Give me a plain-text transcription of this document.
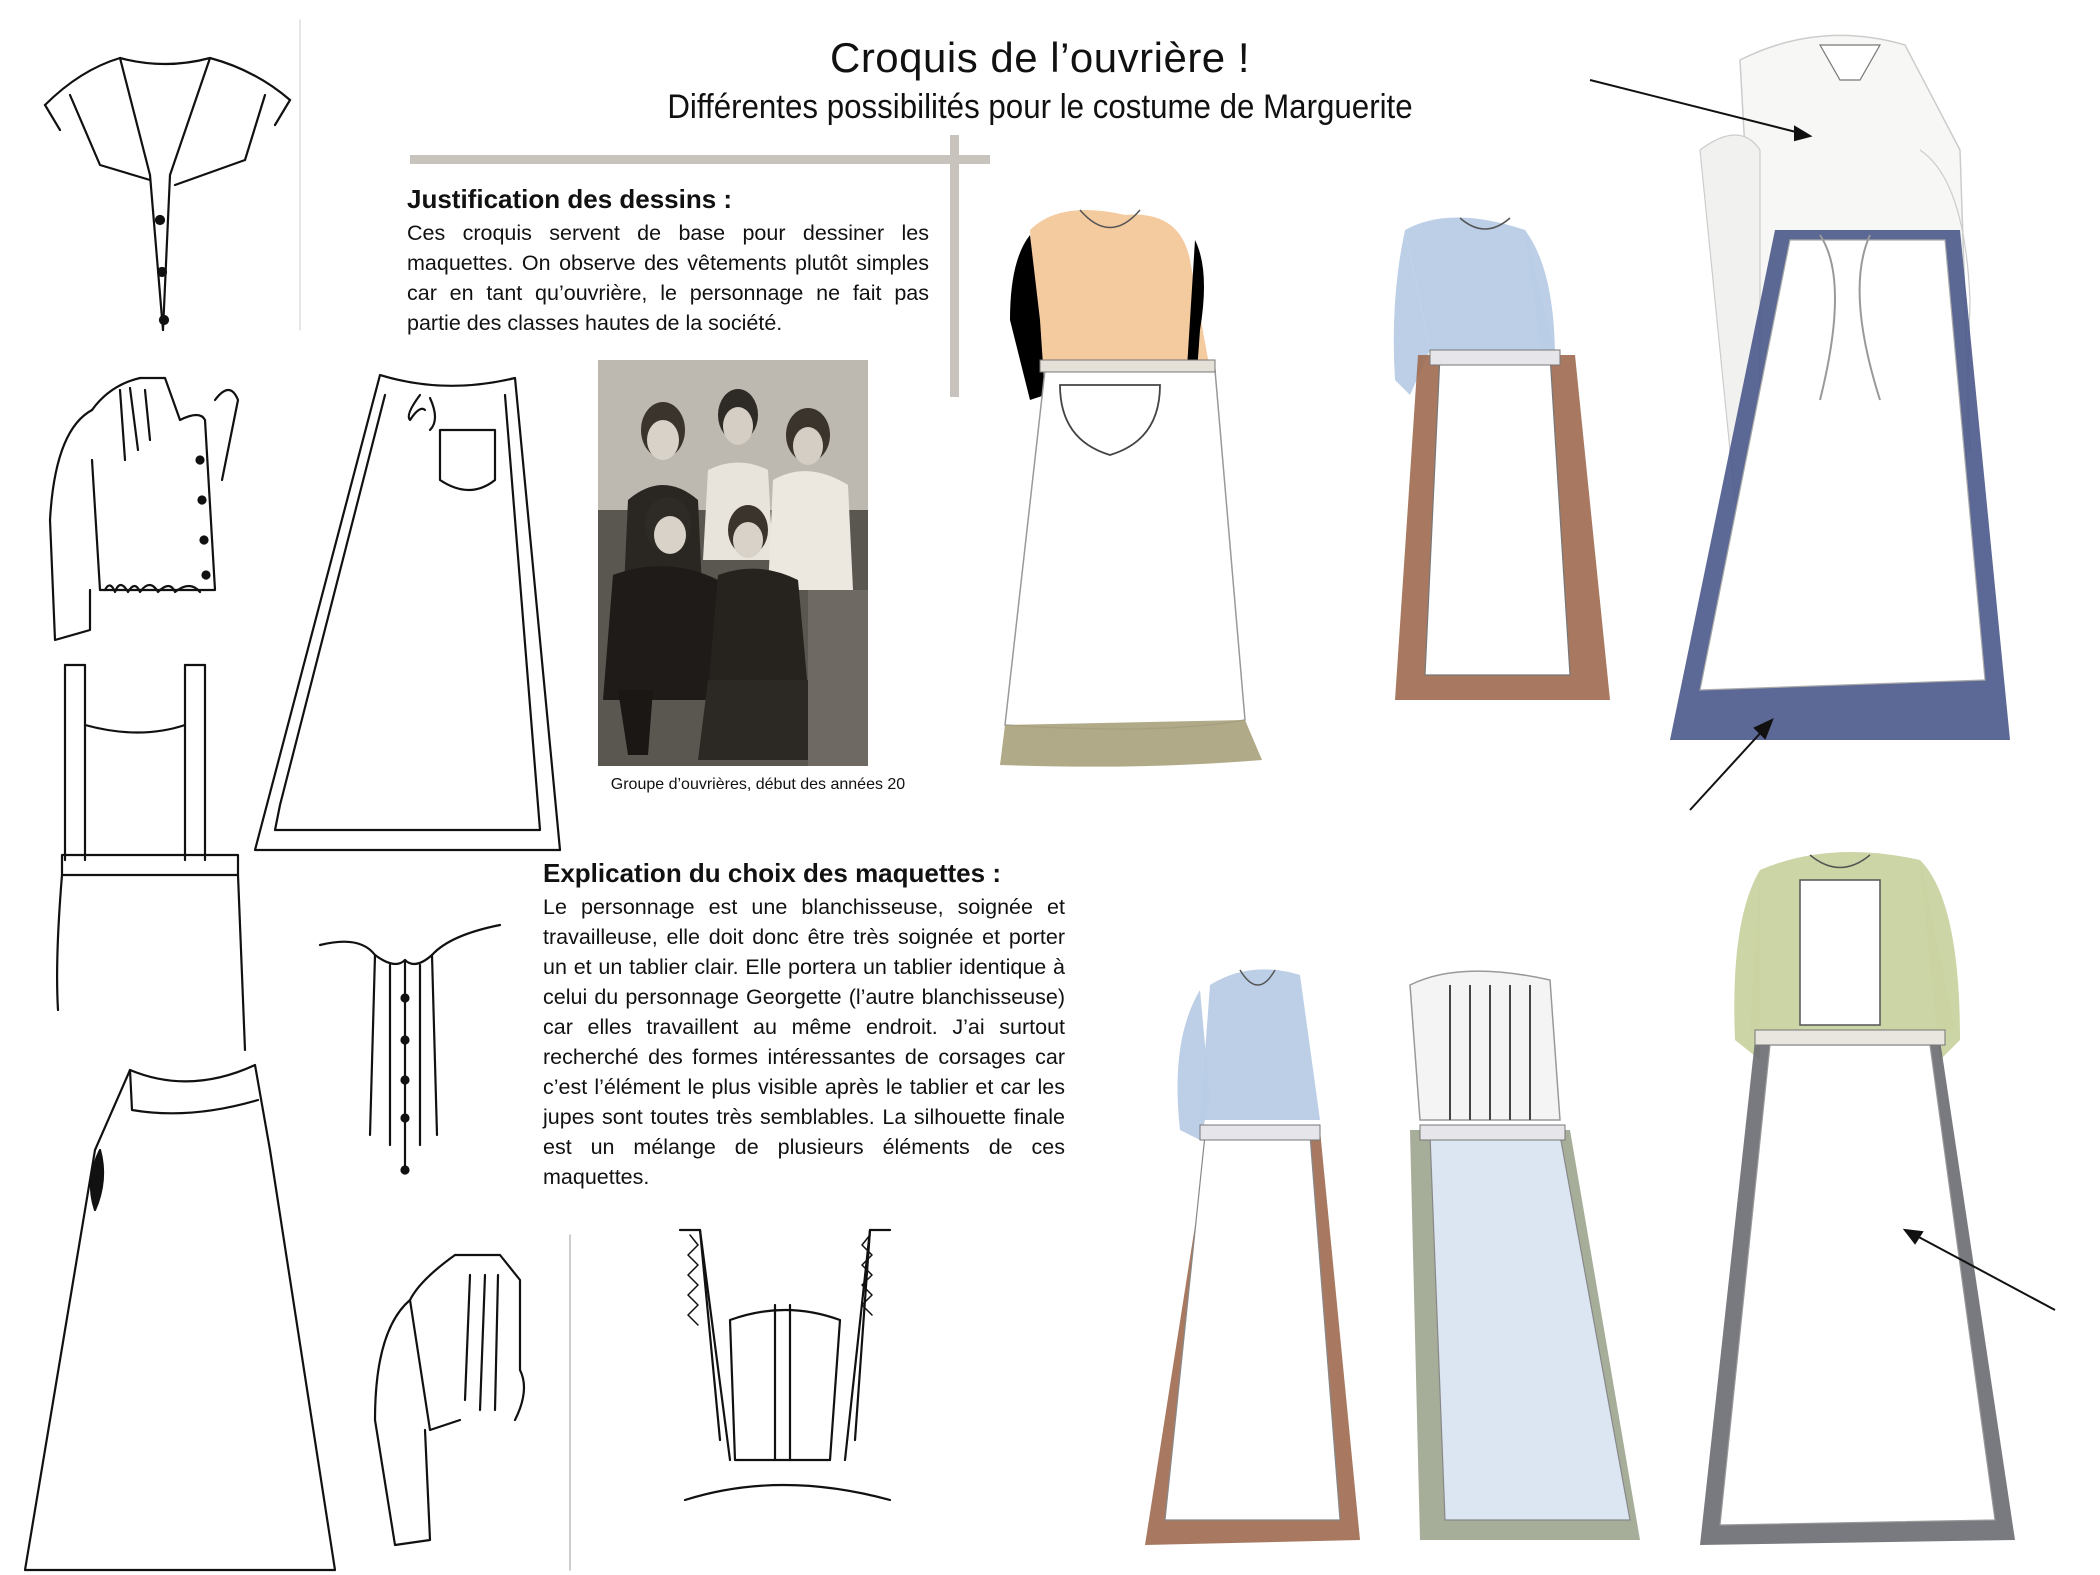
Croquis de l’ouvrière !
Différentes possibilités pour le costume de Marguerite
Justification des dessins :
Ces croquis servent de base pour dessiner les maquettes. On observe des vêtements plutôt simples car en tant qu’ouvrière, le personnage ne fait pas partie des classes hautes de la société.
Groupe d’ouvrières, début des années 20
Explication du choix des maquettes :
Le personnage est une blanchisseuse, soignée et travailleuse, elle doit donc être très soignée et porter un et un tablier clair. Elle portera un tablier identique à celui du personnage Georgette (l’autre blanchisseuse) car elles travaillent au même endroit. J’ai surtout recherché des formes intéressantes de corsages car c’est l’élément le plus visible après le tablier et car les jupes sont toutes très semblables. La silhouette finale est un mélange de plusieurs éléments de ces maquettes.
